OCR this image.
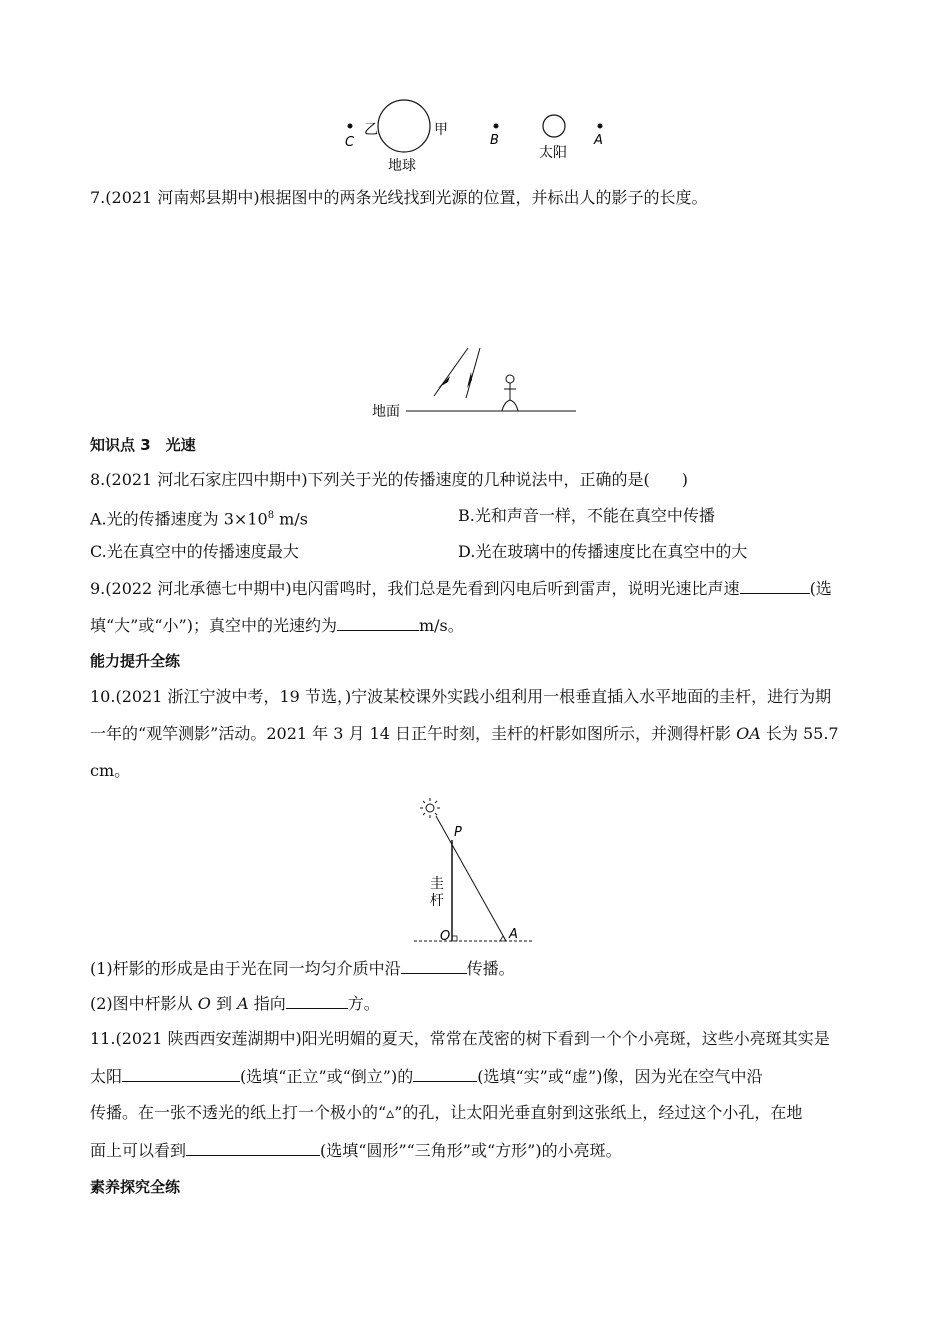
C
乙	甲
地球
B
太阳
A
7.(2021 河南郏县期中)根据图中的两条光线找到光源的位置，并标出人的影子的长度。
地面
知识点 3　光速
8.(2021 河北石家庄四中期中)下列关于光的传播速度的几种说法中，正确的是(　　)
A.光的传播速度为 $3\times 10^8$ m/s	B.光和声音一样，不能在真空中传播
C.光在真空中的传播速度最大	D.光在玻璃中的传播速度比在真空中的大
9.(2022 河北承德七中期中)电闪雷鸣时，我们总是先看到闪电后听到雷声，说明光速比声速	(选
填“大”或“小”)；真空中的光速约为	m/s。
能力提升全练
10.(2021 浙江宁波中考，19 节选，)宁波某校课外实践小组利用一根垂直插入水平地面的圭杆，进行为期
一年的“观竿测影”活动。2021 年 3 月 14 日正午时刻，圭杆的杆影如图所示，并测得杆影 OA 长为 55.7
cm。
P
O	A
圭
杆
(1)杆影的形成是由于光在同一均匀介质中沿	传播。
(2)图中杆影从 O 到 A 指向	方。
11.(2021 陕西西安莲湖期中)阳光明媚的夏天，常常在茂密的树下看到一个个小亮斑，这些小亮斑其实是
太阳	(选填“正立”或“倒立”)的	(选填“实”或“虚”)像，因为光在空气中沿
传播。在一张不透光的纸上打一个极小的“▵”的孔，让太阳光垂直射到这张纸上，经过这个小孔，在地
面上可以看到	(选填“圆形”“三角形”或“方形”)的小亮斑。
素养探究全练
